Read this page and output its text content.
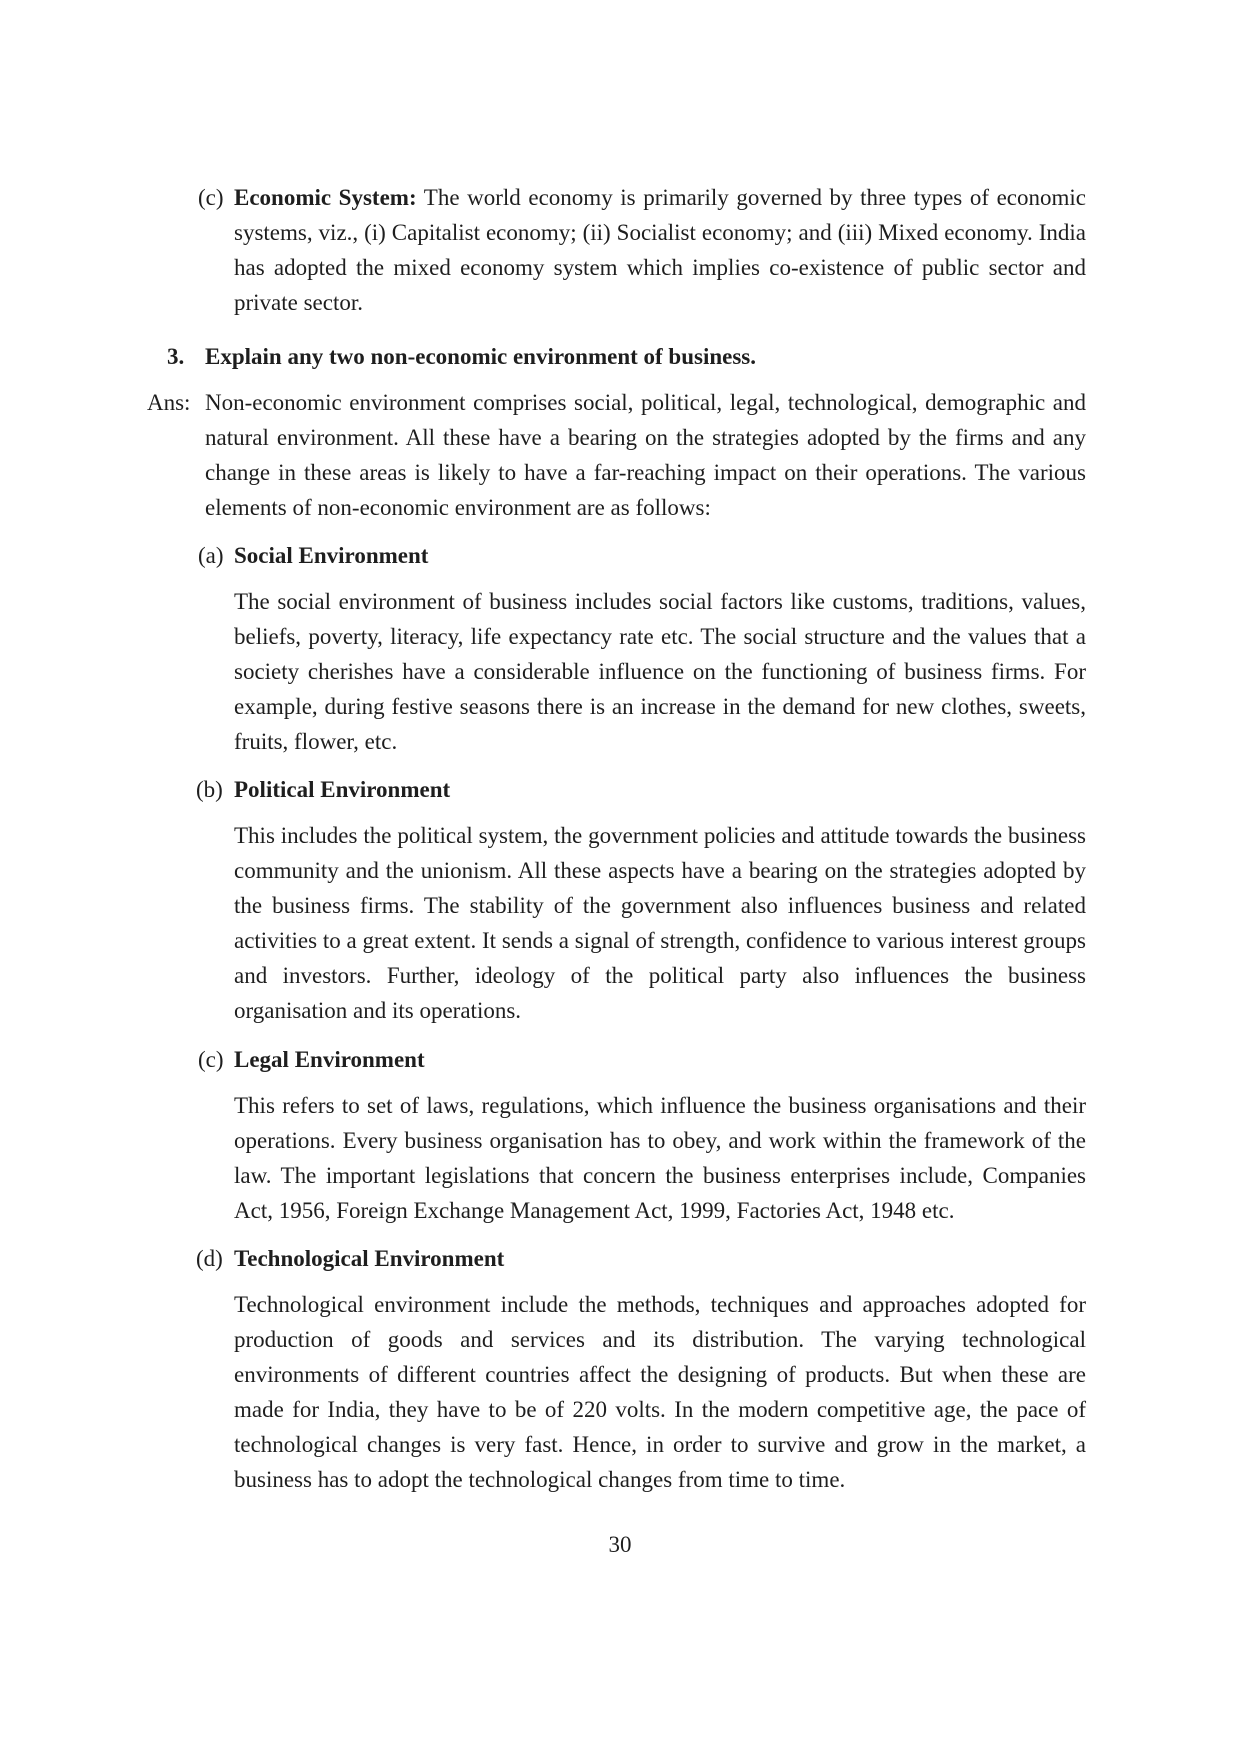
(c) Economic System: The world economy is primarily governed by three types of economic systems, viz., (i) Capitalist economy; (ii) Socialist economy; and (iii) Mixed economy. India has adopted the mixed economy system which implies co-existence of public sector and private sector.

3. Explain any two non-economic environment of business.
Ans: Non-economic environment comprises social, political, legal, technological, demographic and natural environment. All these have a bearing on the strategies adopted by the firms and any change in these areas is likely to have a far-reaching impact on their operations. The various elements of non-economic environment are as follows:

(a) Social Environment

The social environment of business includes social factors like customs, traditions, values, beliefs, poverty, literacy, life expectancy rate etc. The social structure and the values that a society cherishes have a considerable influence on the functioning of business firms. For example, during festive seasons there is an increase in the demand for new clothes, sweets, fruits, flower, etc.

(b) Political Environment

This includes the political system, the government policies and attitude towards the business community and the unionism. All these aspects have a bearing on the strategies adopted by the business firms. The stability of the government also influences business and related activities to a great extent. It sends a signal of strength, confidence to various interest groups and investors. Further, ideology of the political party also influences the business organisation and its operations.

(c) Legal Environment

This refers to set of laws, regulations, which influence the business organisations and their operations. Every business organisation has to obey, and work within the framework of the law. The important legislations that concern the business enterprises include, Companies Act, 1956, Foreign Exchange Management Act, 1999, Factories Act, 1948 etc.

(d) Technological Environment

Technological environment include the methods, techniques and approaches adopted for production of goods and services and its distribution. The varying technological environments of different countries affect the designing of products. But when these are made for India, they have to be of 220 volts. In the modern competitive age, the pace of technological changes is very fast. Hence, in order to survive and grow in the market, a business has to adopt the technological changes from time to time.

30
